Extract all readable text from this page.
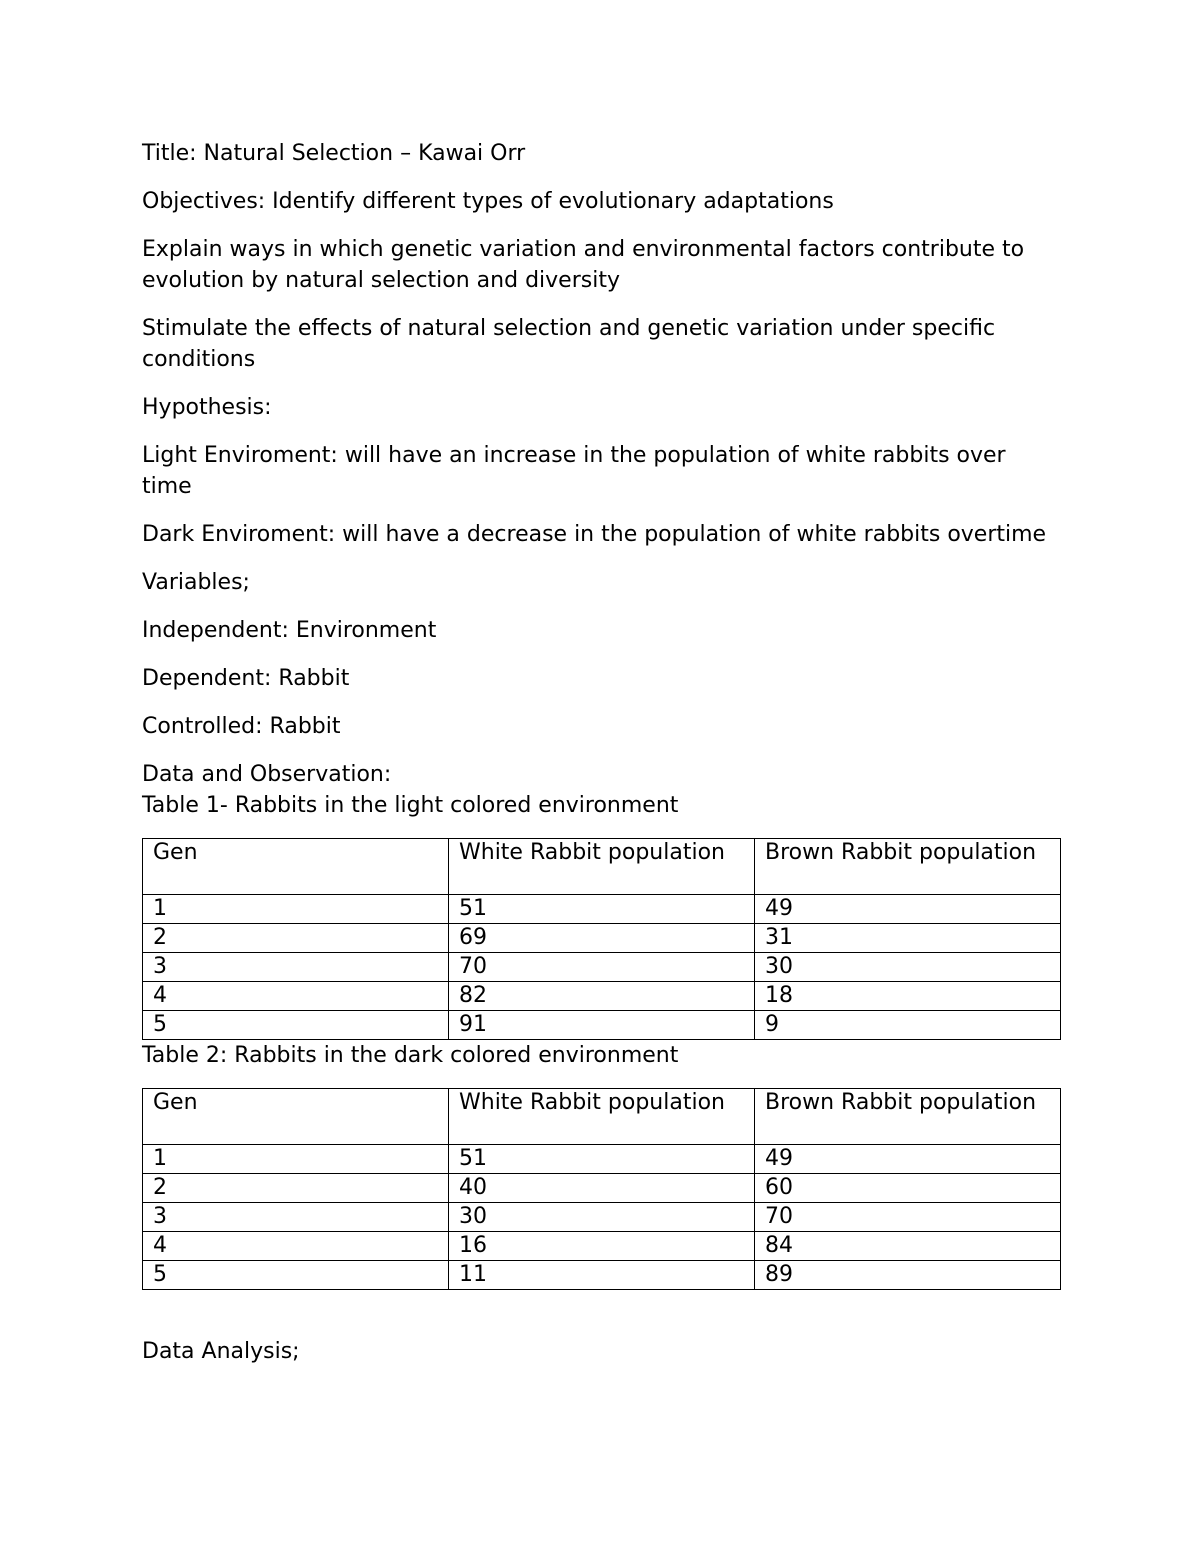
Title: Natural Selection – Kawai Orr

Objectives: Identify different types of evolutionary adaptations

Explain ways in which genetic variation and environmental factors contribute to evolution by natural selection and diversity

Stimulate the effects of natural selection and genetic variation under specific conditions

Hypothesis:

Light Enviroment: will have an increase in the population of white rabbits over time

Dark Enviroment: will have a decrease in the population of white rabbits overtime

Variables;

Independent: Environment

Dependent: Rabbit

Controlled: Rabbit

Data and Observation:

Table 1- Rabbits in the light colored environment

Gen	White Rabbit population	Brown Rabbit population
1	51	49
2	69	31
3	70	30
4	82	18
5	91	9

Table 2: Rabbits in the dark colored environment

Gen	White Rabbit population	Brown Rabbit population
1	51	49
2	40	60
3	30	70
4	16	84
5	11	89

Data Analysis;
